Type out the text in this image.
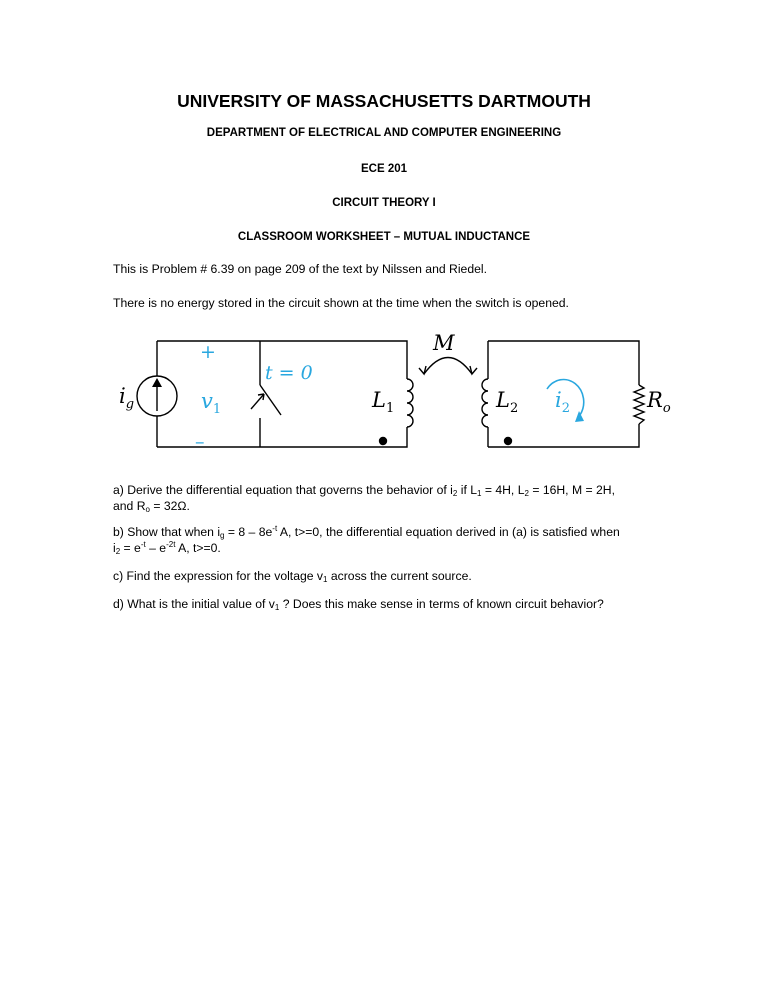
UNIVERSITY OF MASSACHUSETTS DARTMOUTH
DEPARTMENT OF ELECTRICAL AND COMPUTER ENGINEERING
ECE 201
CIRCUIT THEORY I
CLASSROOM WORKSHEET – MUTUAL INDUCTANCE
This is Problem # 6.39 on page 209 of the text by Nilssen and Riedel.
There is no energy stored in the circuit shown at the time when the switch is opened.
+
–
$i_g$	$v_1$
t = 0
M
$L_1$	$L_2$ $i_2$	$R_o$
a) Derive the differential equation that governs the behavior of $i_2$ if $L_1 = 4H$, $L_2 = 16H$, M = 2H,
and $R_o = 32\Omega$.
b) Show that when $i_g = 8 - 8e^{-t}$ A, t>=0, the differential equation derived in (a) is satisfied when
$i_2 = e^{-t} - e^{-2t}$ A, t>=0.
c) Find the expression for the voltage $v_1$ across the current source.
d) What is the initial value of $v_1$ ? Does this make sense in terms of known circuit behavior?
